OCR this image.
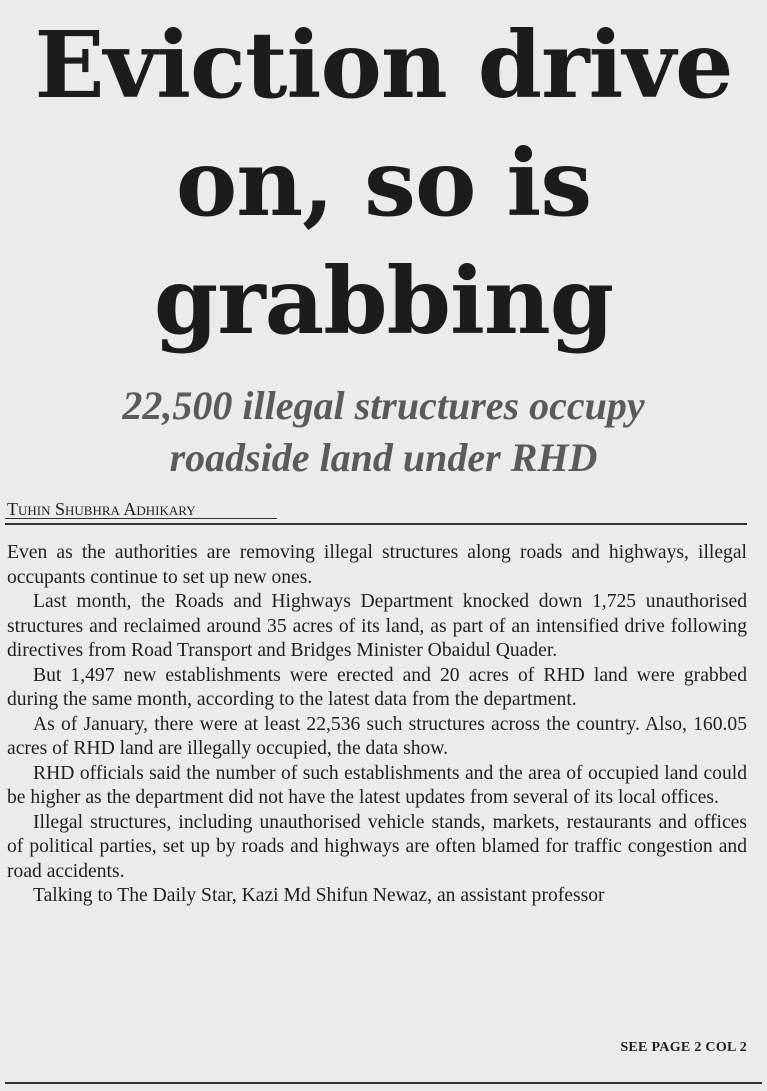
Eviction drive
on, so is
grabbing
22,500 illegal structures occupy
roadside land under RHD

Tuhin Shubhra Adhikary

Even as the authorities are removing illegal structures along roads and highways, illegal occupants continue to set up new ones.

Last month, the Roads and Highways Department knocked down 1,725 unauthorised structures and reclaimed around 35 acres of its land, as part of an intensified drive following directives from Road Transport and Bridges Minister Obaidul Quader.

But 1,497 new establishments were erected and 20 acres of RHD land were grabbed during the same month, according to the latest data from the department.

As of January, there were at least 22,536 such structures across the country. Also, 160.05 acres of RHD land are illegally occupied, the data show.

RHD officials said the number of such establishments and the area of occupied land could be higher as the department did not have the latest updates from several of its local offices.

Illegal structures, including unauthorised vehicle stands, markets, restaurants and offices of political parties, set up by roads and highways are often blamed for traffic congestion and road accidents.

Talking to The Daily Star, Kazi Md Shifun Newaz, an assistant professor

SEE PAGE 2 COL 2
